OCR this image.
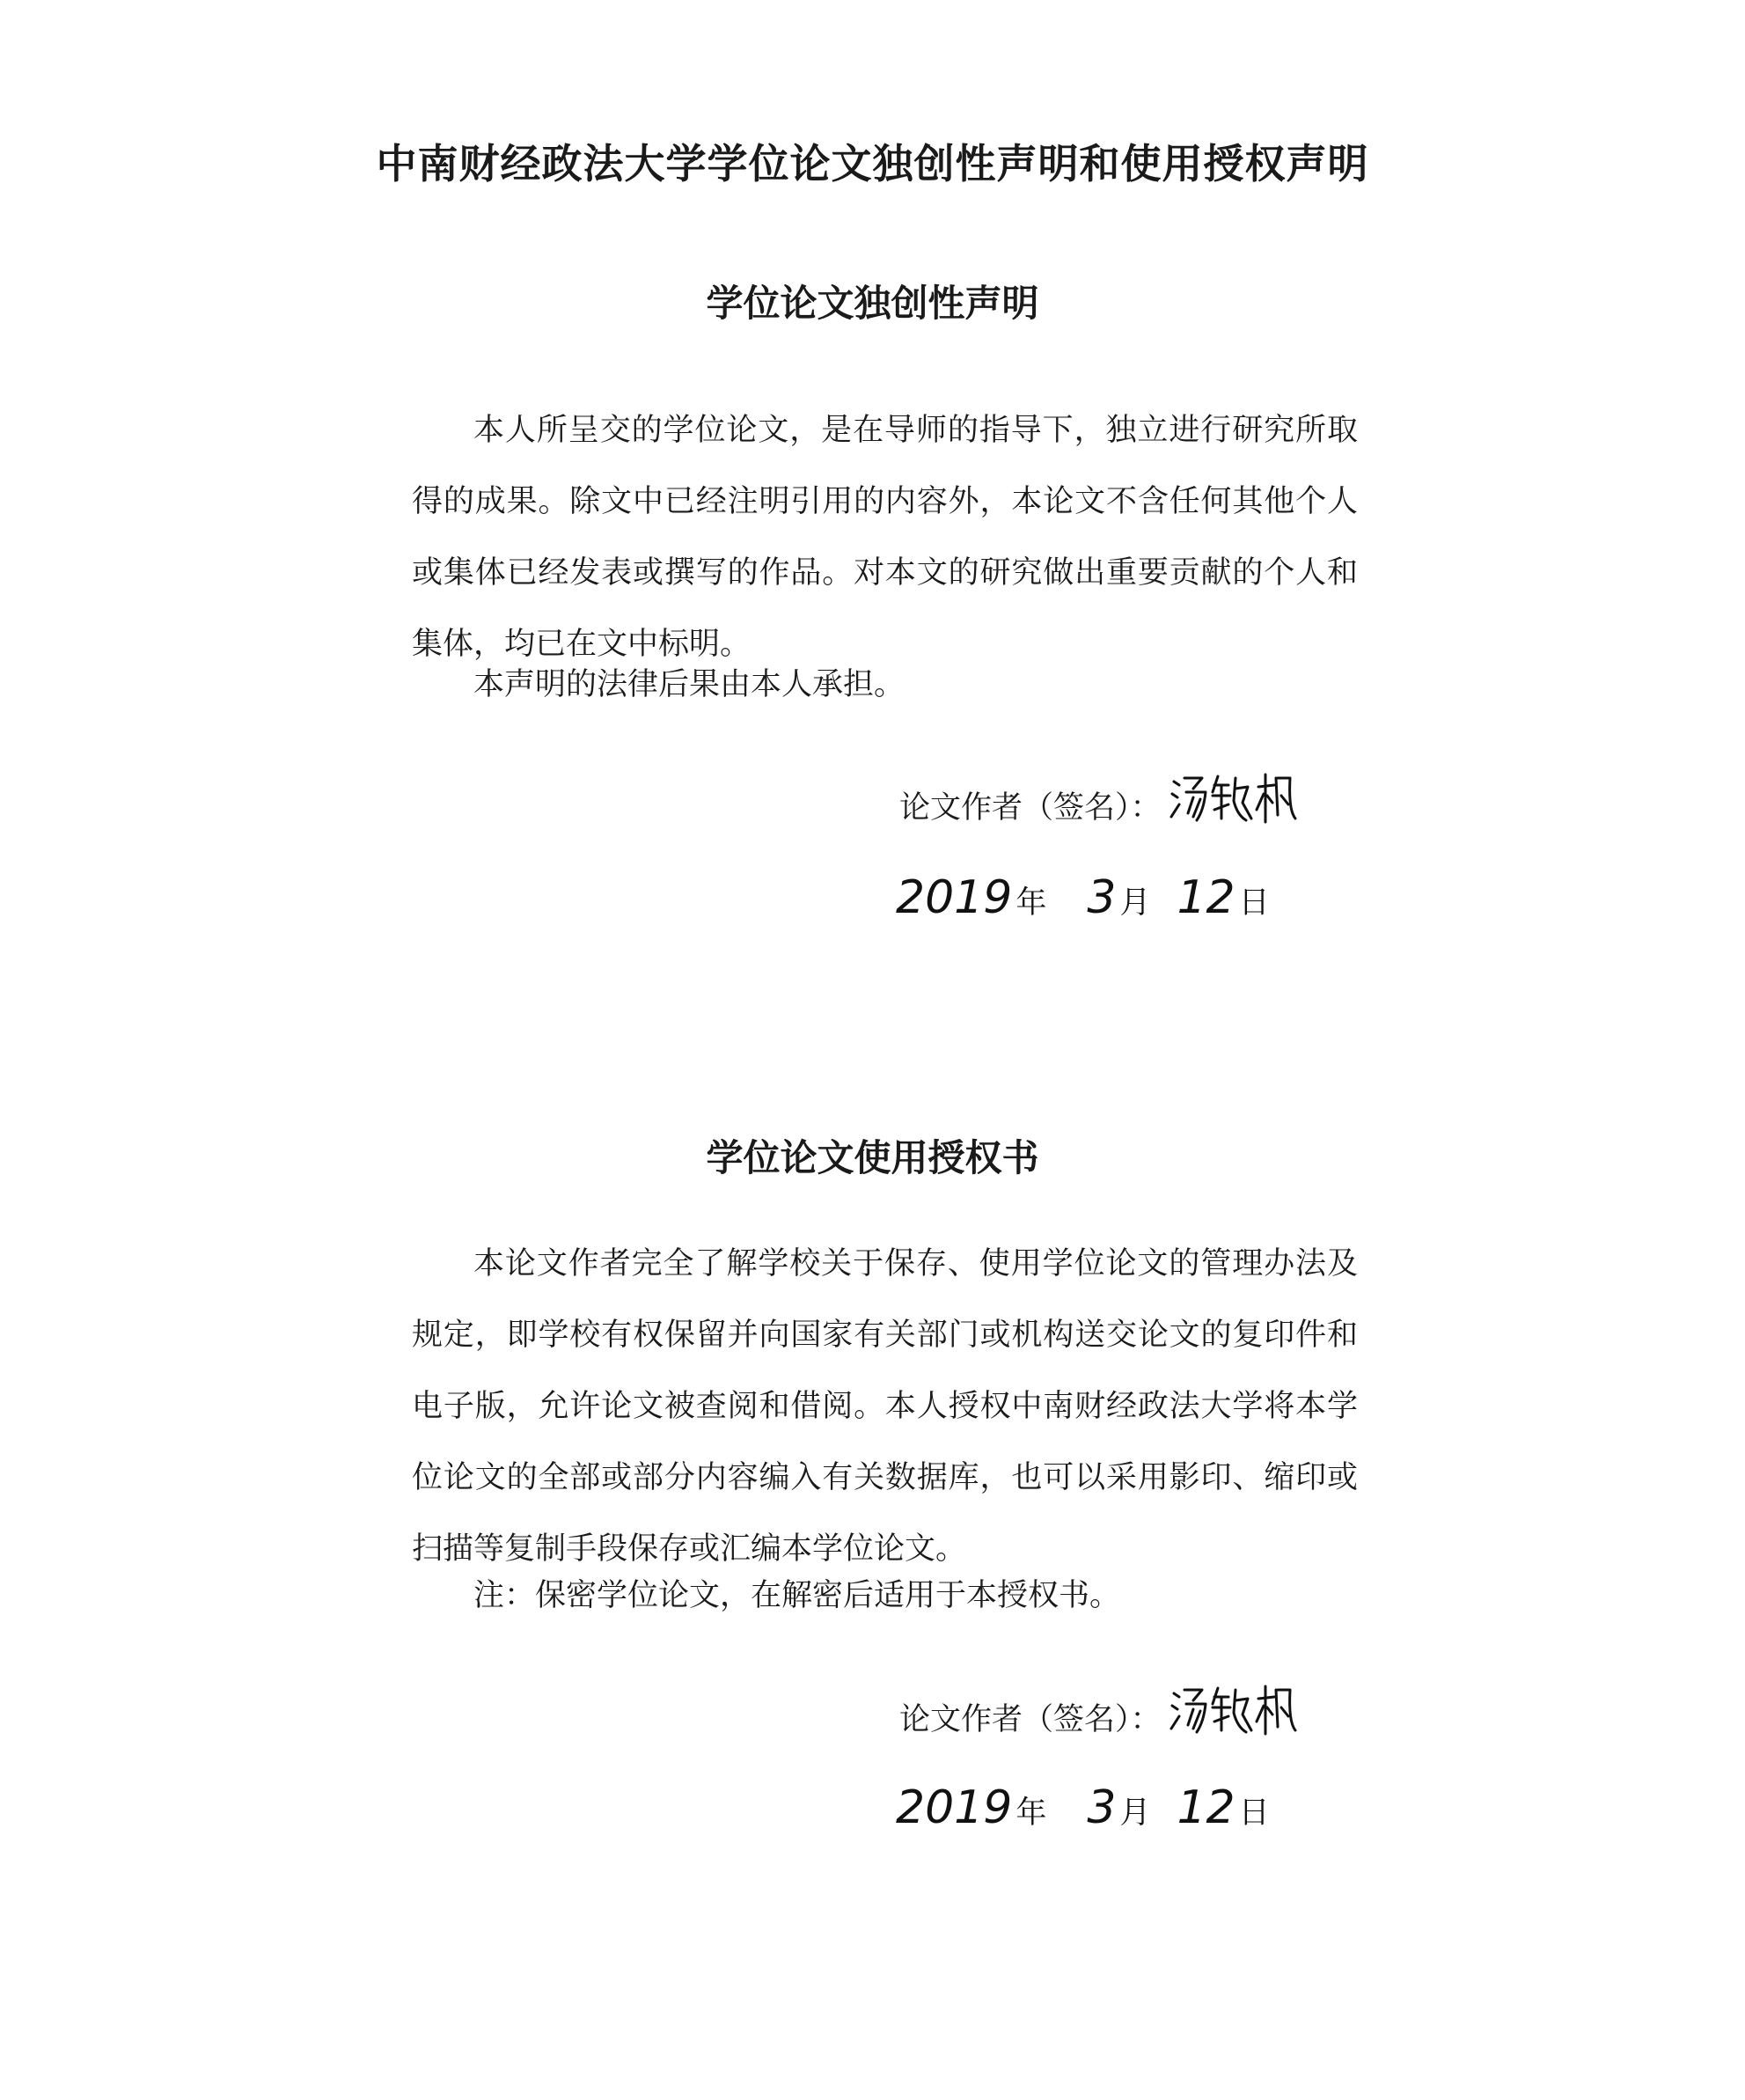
中南财经政法大学学位论文独创性声明和使用授权声明
学位论文独创性声明

本人所呈交的学位论文，是在导师的指导下，独立进行研究所取得的成果。除文中已经注明引用的内容外，本论文不含任何其他个人或集体已经发表或撰写的作品。对本文的研究做出重要贡献的个人和集体，均已在文中标明。

本声明的法律后果由本人承担。

论文作者（签名）：
2019 年 3 月 12 日
学位论文使用授权书

本论文作者完全了解学校关于保存、使用学位论文的管理办法及规定，即学校有权保留并向国家有关部门或机构送交论文的复印件和电子版，允许论文被查阅和借阅。本人授权中南财经政法大学将本学位论文的全部或部分内容编入有关数据库，也可以采用影印、缩印或扫描等复制手段保存或汇编本学位论文。

注：保密学位论文，在解密后适用于本授权书。

论文作者（签名）：
2019 年 3 月 12 日
